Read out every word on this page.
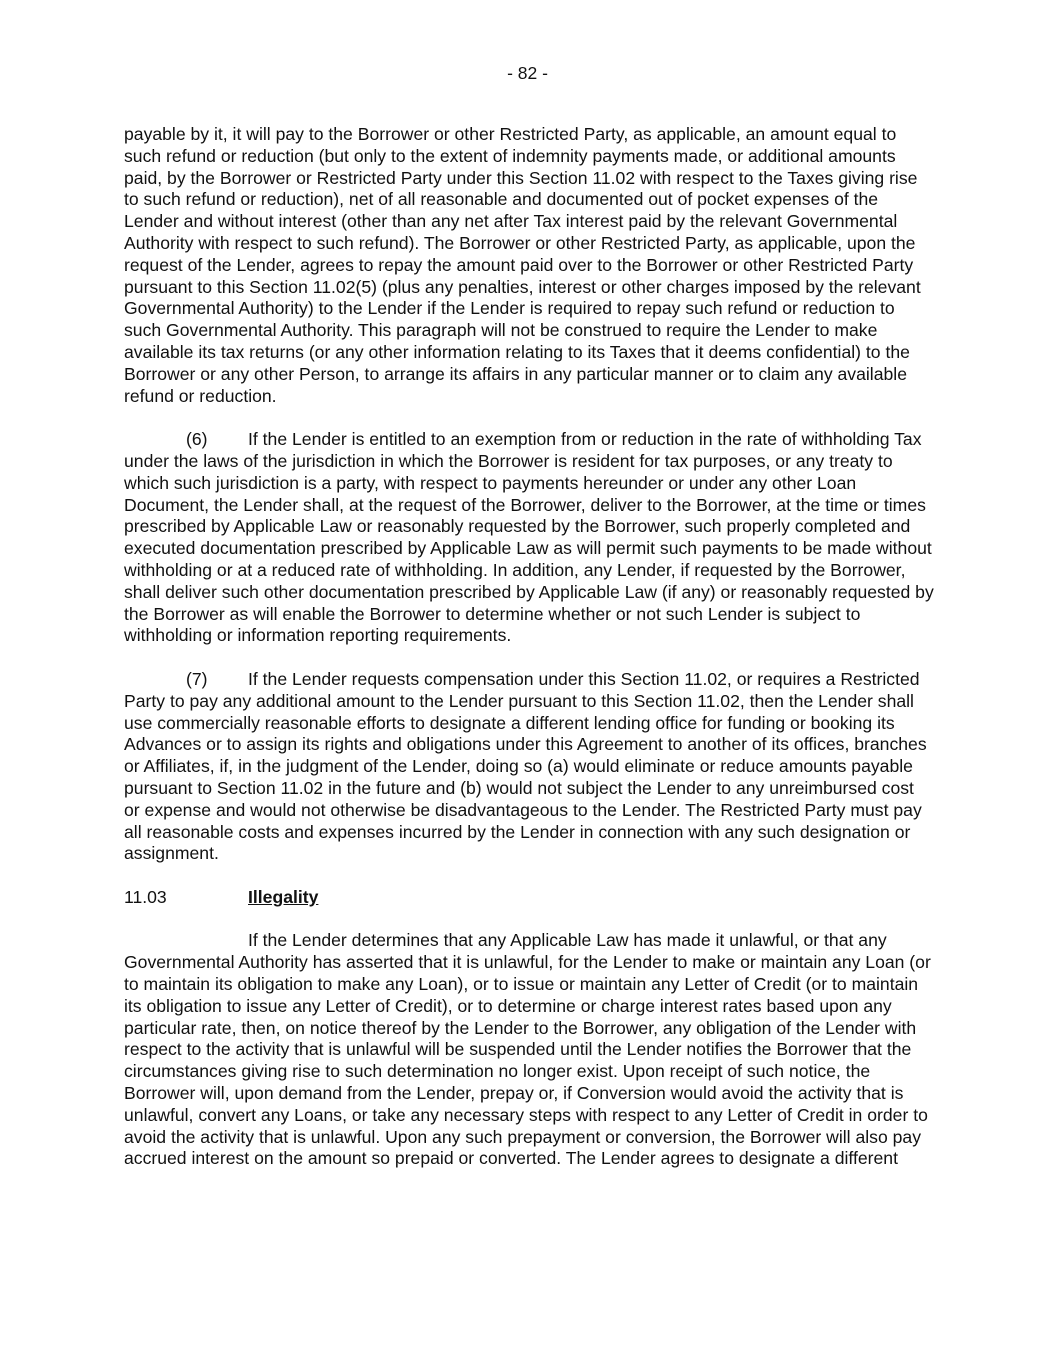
- 82 -

payable by it, it will pay to the Borrower or other Restricted Party, as applicable, an amount equal to such refund or reduction (but only to the extent of indemnity payments made, or additional amounts paid, by the Borrower or Restricted Party under this Section 11.02 with respect to the Taxes giving rise to such refund or reduction), net of all reasonable and documented out of pocket expenses of the Lender and without interest (other than any net after Tax interest paid by the relevant Governmental Authority with respect to such refund). The Borrower or other Restricted Party, as applicable, upon the request of the Lender, agrees to repay the amount paid over to the Borrower or other Restricted Party pursuant to this Section 11.02(5) (plus any penalties, interest or other charges imposed by the relevant Governmental Authority) to the Lender if the Lender is required to repay such refund or reduction to such Governmental Authority. This paragraph will not be construed to require the Lender to make available its tax returns (or any other information relating to its Taxes that it deems confidential) to the Borrower or any other Person, to arrange its affairs in any particular manner or to claim any available refund or reduction.

(6) If the Lender is entitled to an exemption from or reduction in the rate of withholding Tax under the laws of the jurisdiction in which the Borrower is resident for tax purposes, or any treaty to which such jurisdiction is a party, with respect to payments hereunder or under any other Loan Document, the Lender shall, at the request of the Borrower, deliver to the Borrower, at the time or times prescribed by Applicable Law or reasonably requested by the Borrower, such properly completed and executed documentation prescribed by Applicable Law as will permit such payments to be made without withholding or at a reduced rate of withholding. In addition, any Lender, if requested by the Borrower, shall deliver such other documentation prescribed by Applicable Law (if any) or reasonably requested by the Borrower as will enable the Borrower to determine whether or not such Lender is subject to withholding or information reporting requirements.

(7) If the Lender requests compensation under this Section 11.02, or requires a Restricted Party to pay any additional amount to the Lender pursuant to this Section 11.02, then the Lender shall use commercially reasonable efforts to designate a different lending office for funding or booking its Advances or to assign its rights and obligations under this Agreement to another of its offices, branches or Affiliates, if, in the judgment of the Lender, doing so (a) would eliminate or reduce amounts payable pursuant to Section 11.02 in the future and (b) would not subject the Lender to any unreimbursed cost or expense and would not otherwise be disadvantageous to the Lender. The Restricted Party must pay all reasonable costs and expenses incurred by the Lender in connection with any such designation or assignment.

11.03	Illegality

If the Lender determines that any Applicable Law has made it unlawful, or that any Governmental Authority has asserted that it is unlawful, for the Lender to make or maintain any Loan (or to maintain its obligation to make any Loan), or to issue or maintain any Letter of Credit (or to maintain its obligation to issue any Letter of Credit), or to determine or charge interest rates based upon any particular rate, then, on notice thereof by the Lender to the Borrower, any obligation of the Lender with respect to the activity that is unlawful will be suspended until the Lender notifies the Borrower that the circumstances giving rise to such determination no longer exist. Upon receipt of such notice, the Borrower will, upon demand from the Lender, prepay or, if Conversion would avoid the activity that is unlawful, convert any Loans, or take any necessary steps with respect to any Letter of Credit in order to avoid the activity that is unlawful. Upon any such prepayment or conversion, the Borrower will also pay accrued interest on the amount so prepaid or converted. The Lender agrees to designate a different
